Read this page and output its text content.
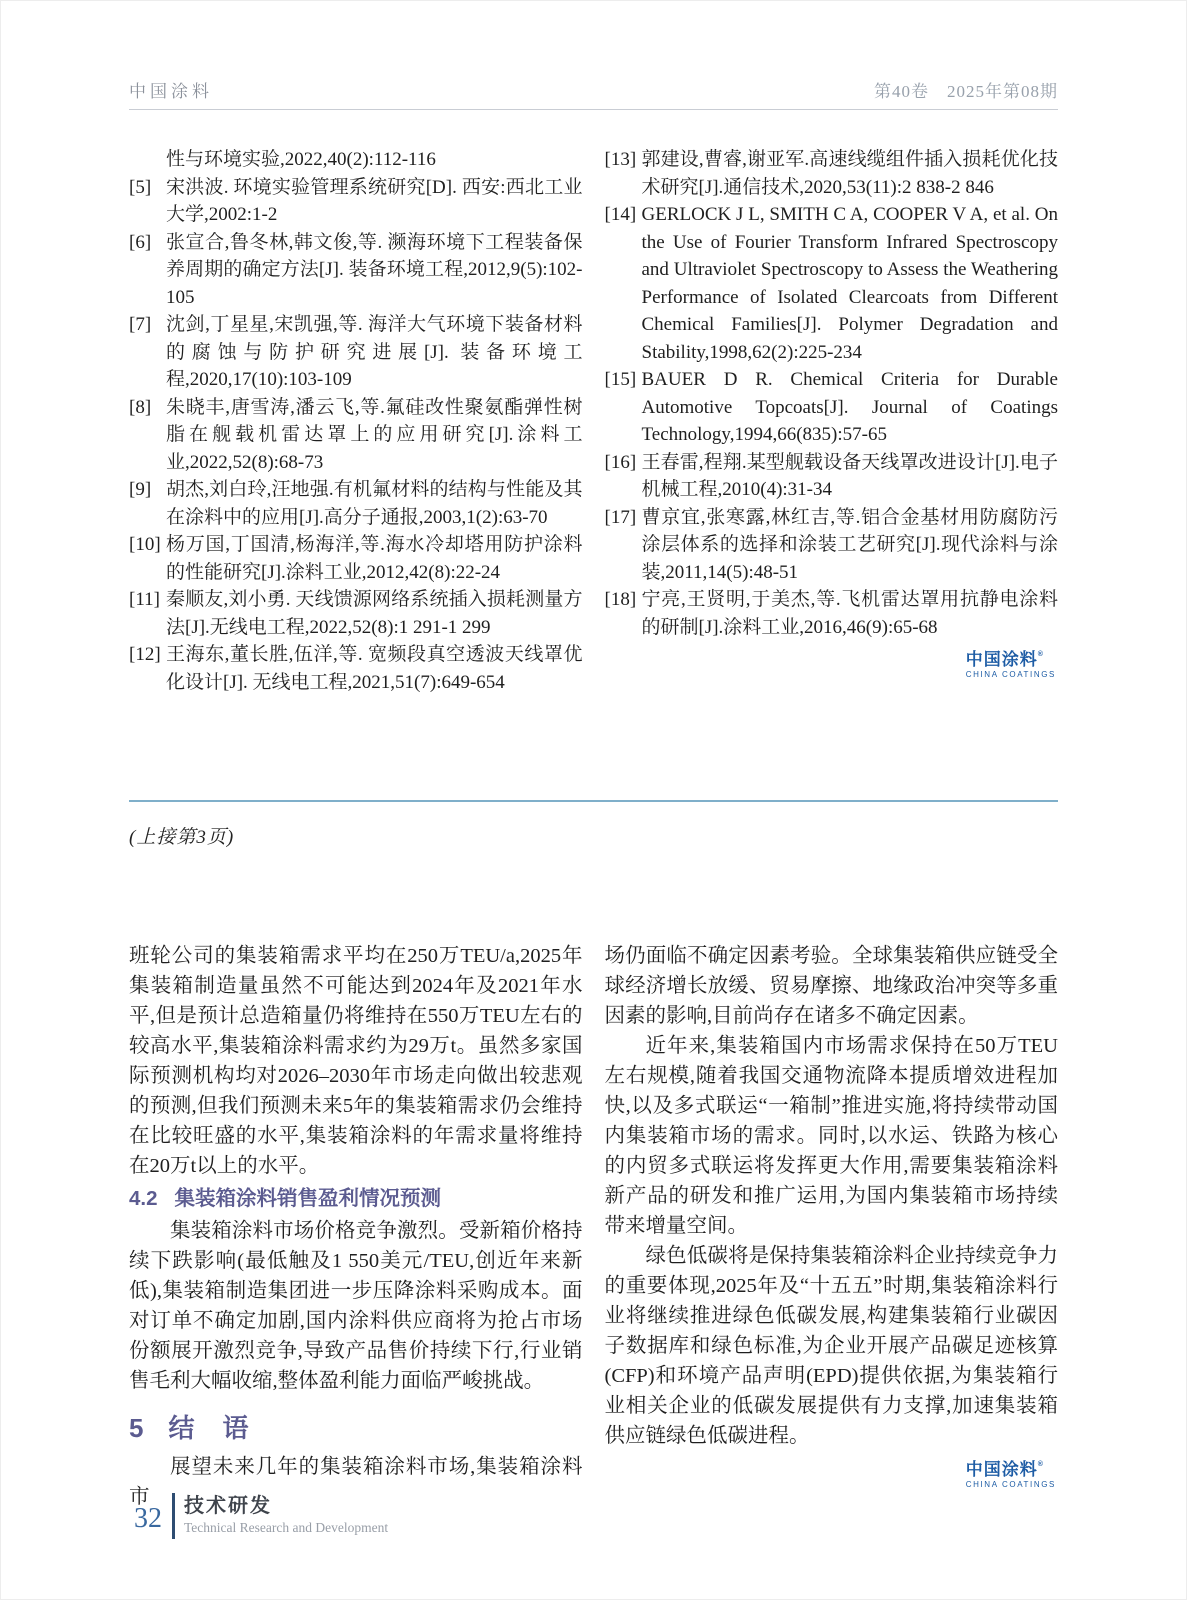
中国涂料	第40卷　2025年第08期
性与环境实验,2022,40(2):112-116
[5] 宋洪波. 环境实验管理系统研究[D]. 西安:西北工业大学,2002:1-2
[6] 张宣合,鲁冬林,韩文俊,等. 濒海环境下工程装备保养周期的确定方法[J]. 装备环境工程,2012,9(5):102-105
[7] 沈剑,丁星星,宋凯强,等. 海洋大气环境下装备材料的腐蚀与防护研究进展[J]. 装备环境工程,2020,17(10):103-109
[8] 朱晓丰,唐雪涛,潘云飞,等.氟硅改性聚氨酯弹性树脂在舰载机雷达罩上的应用研究[J].涂料工业,2022,52(8):68-73
[9] 胡杰,刘白玲,汪地强.有机氟材料的结构与性能及其在涂料中的应用[J].高分子通报,2003,1(2):63-70
[10] 杨万国,丁国清,杨海洋,等.海水冷却塔用防护涂料的性能研究[J].涂料工业,2012,42(8):22-24
[11] 秦顺友,刘小勇. 天线馈源网络系统插入损耗测量方法[J].无线电工程,2022,52(8):1 291-1 299
[12] 王海东,董长胜,伍洋,等. 宽频段真空透波天线罩优化设计[J]. 无线电工程,2021,51(7):649-654
[13] 郭建设,曹睿,谢亚军.高速线缆组件插入损耗优化技术研究[J].通信技术,2020,53(11):2 838-2 846
[14] GERLOCK J L, SMITH C A, COOPER V A, et al. On the Use of Fourier Transform Infrared Spectroscopy and Ultraviolet Spectroscopy to Assess the Weathering Performance of Isolated Clearcoats from Different Chemical Families[J]. Polymer Degradation and Stability,1998,62(2):225-234
[15] BAUER D R. Chemical Criteria for Durable Automotive Topcoats[J]. Journal of Coatings Technology,1994,66(835):57-65
[16] 王春雷,程翔.某型舰载设备天线罩改进设计[J].电子机械工程,2010(4):31-34
[17] 曹京宜,张寒露,林红吉,等.铝合金基材用防腐防污涂层体系的选择和涂装工艺研究[J].现代涂料与涂装,2011,14(5):48-51
[18] 宁亮,王贤明,于美杰,等.飞机雷达罩用抗静电涂料的研制[J].涂料工业,2016,46(9):65-68
中国涂料®
CHINA COATINGS
(上接第3页)

班轮公司的集装箱需求平均在250万TEU/a,2025年集装箱制造量虽然不可能达到2024年及2021年水平,但是预计总造箱量仍将维持在550万TEU左右的较高水平,集装箱涂料需求约为29万t。虽然多家国际预测机构均对2026–2030年市场走向做出较悲观的预测,但我们预测未来5年的集装箱需求仍会维持在比较旺盛的水平,集装箱涂料的年需求量将维持在20万t以上的水平。

4.2 集装箱涂料销售盈利情况预测

集装箱涂料市场价格竞争激烈。受新箱价格持续下跌影响(最低触及1 550美元/TEU,创近年来新低),集装箱制造集团进一步压降涂料采购成本。面对订单不确定加剧,国内涂料供应商将为抢占市场份额展开激烈竞争,导致产品售价持续下行,行业销售毛利大幅收缩,整体盈利能力面临严峻挑战。

5 结　语

展望未来几年的集装箱涂料市场,集装箱涂料市

场仍面临不确定因素考验。全球集装箱供应链受全球经济增长放缓、贸易摩擦、地缘政治冲突等多重因素的影响,目前尚存在诸多不确定因素。

近年来,集装箱国内市场需求保持在50万TEU左右规模,随着我国交通物流降本提质增效进程加快,以及多式联运“一箱制”推进实施,将持续带动国内集装箱市场的需求。同时,以水运、铁路为核心的内贸多式联运将发挥更大作用,需要集装箱涂料新产品的研发和推广运用,为国内集装箱市场持续带来增量空间。

绿色低碳将是保持集装箱涂料企业持续竞争力的重要体现,2025年及“十五五”时期,集装箱涂料行业将继续推进绿色低碳发展,构建集装箱行业碳因子数据库和绿色标准,为企业开展产品碳足迹核算(CFP)和环境产品声明(EPD)提供依据,为集装箱行业相关企业的低碳发展提供有力支撑,加速集装箱供应链绿色低碳进程。

中国涂料®
CHINA COATINGS
32 技术研发
Technical Research and Development
